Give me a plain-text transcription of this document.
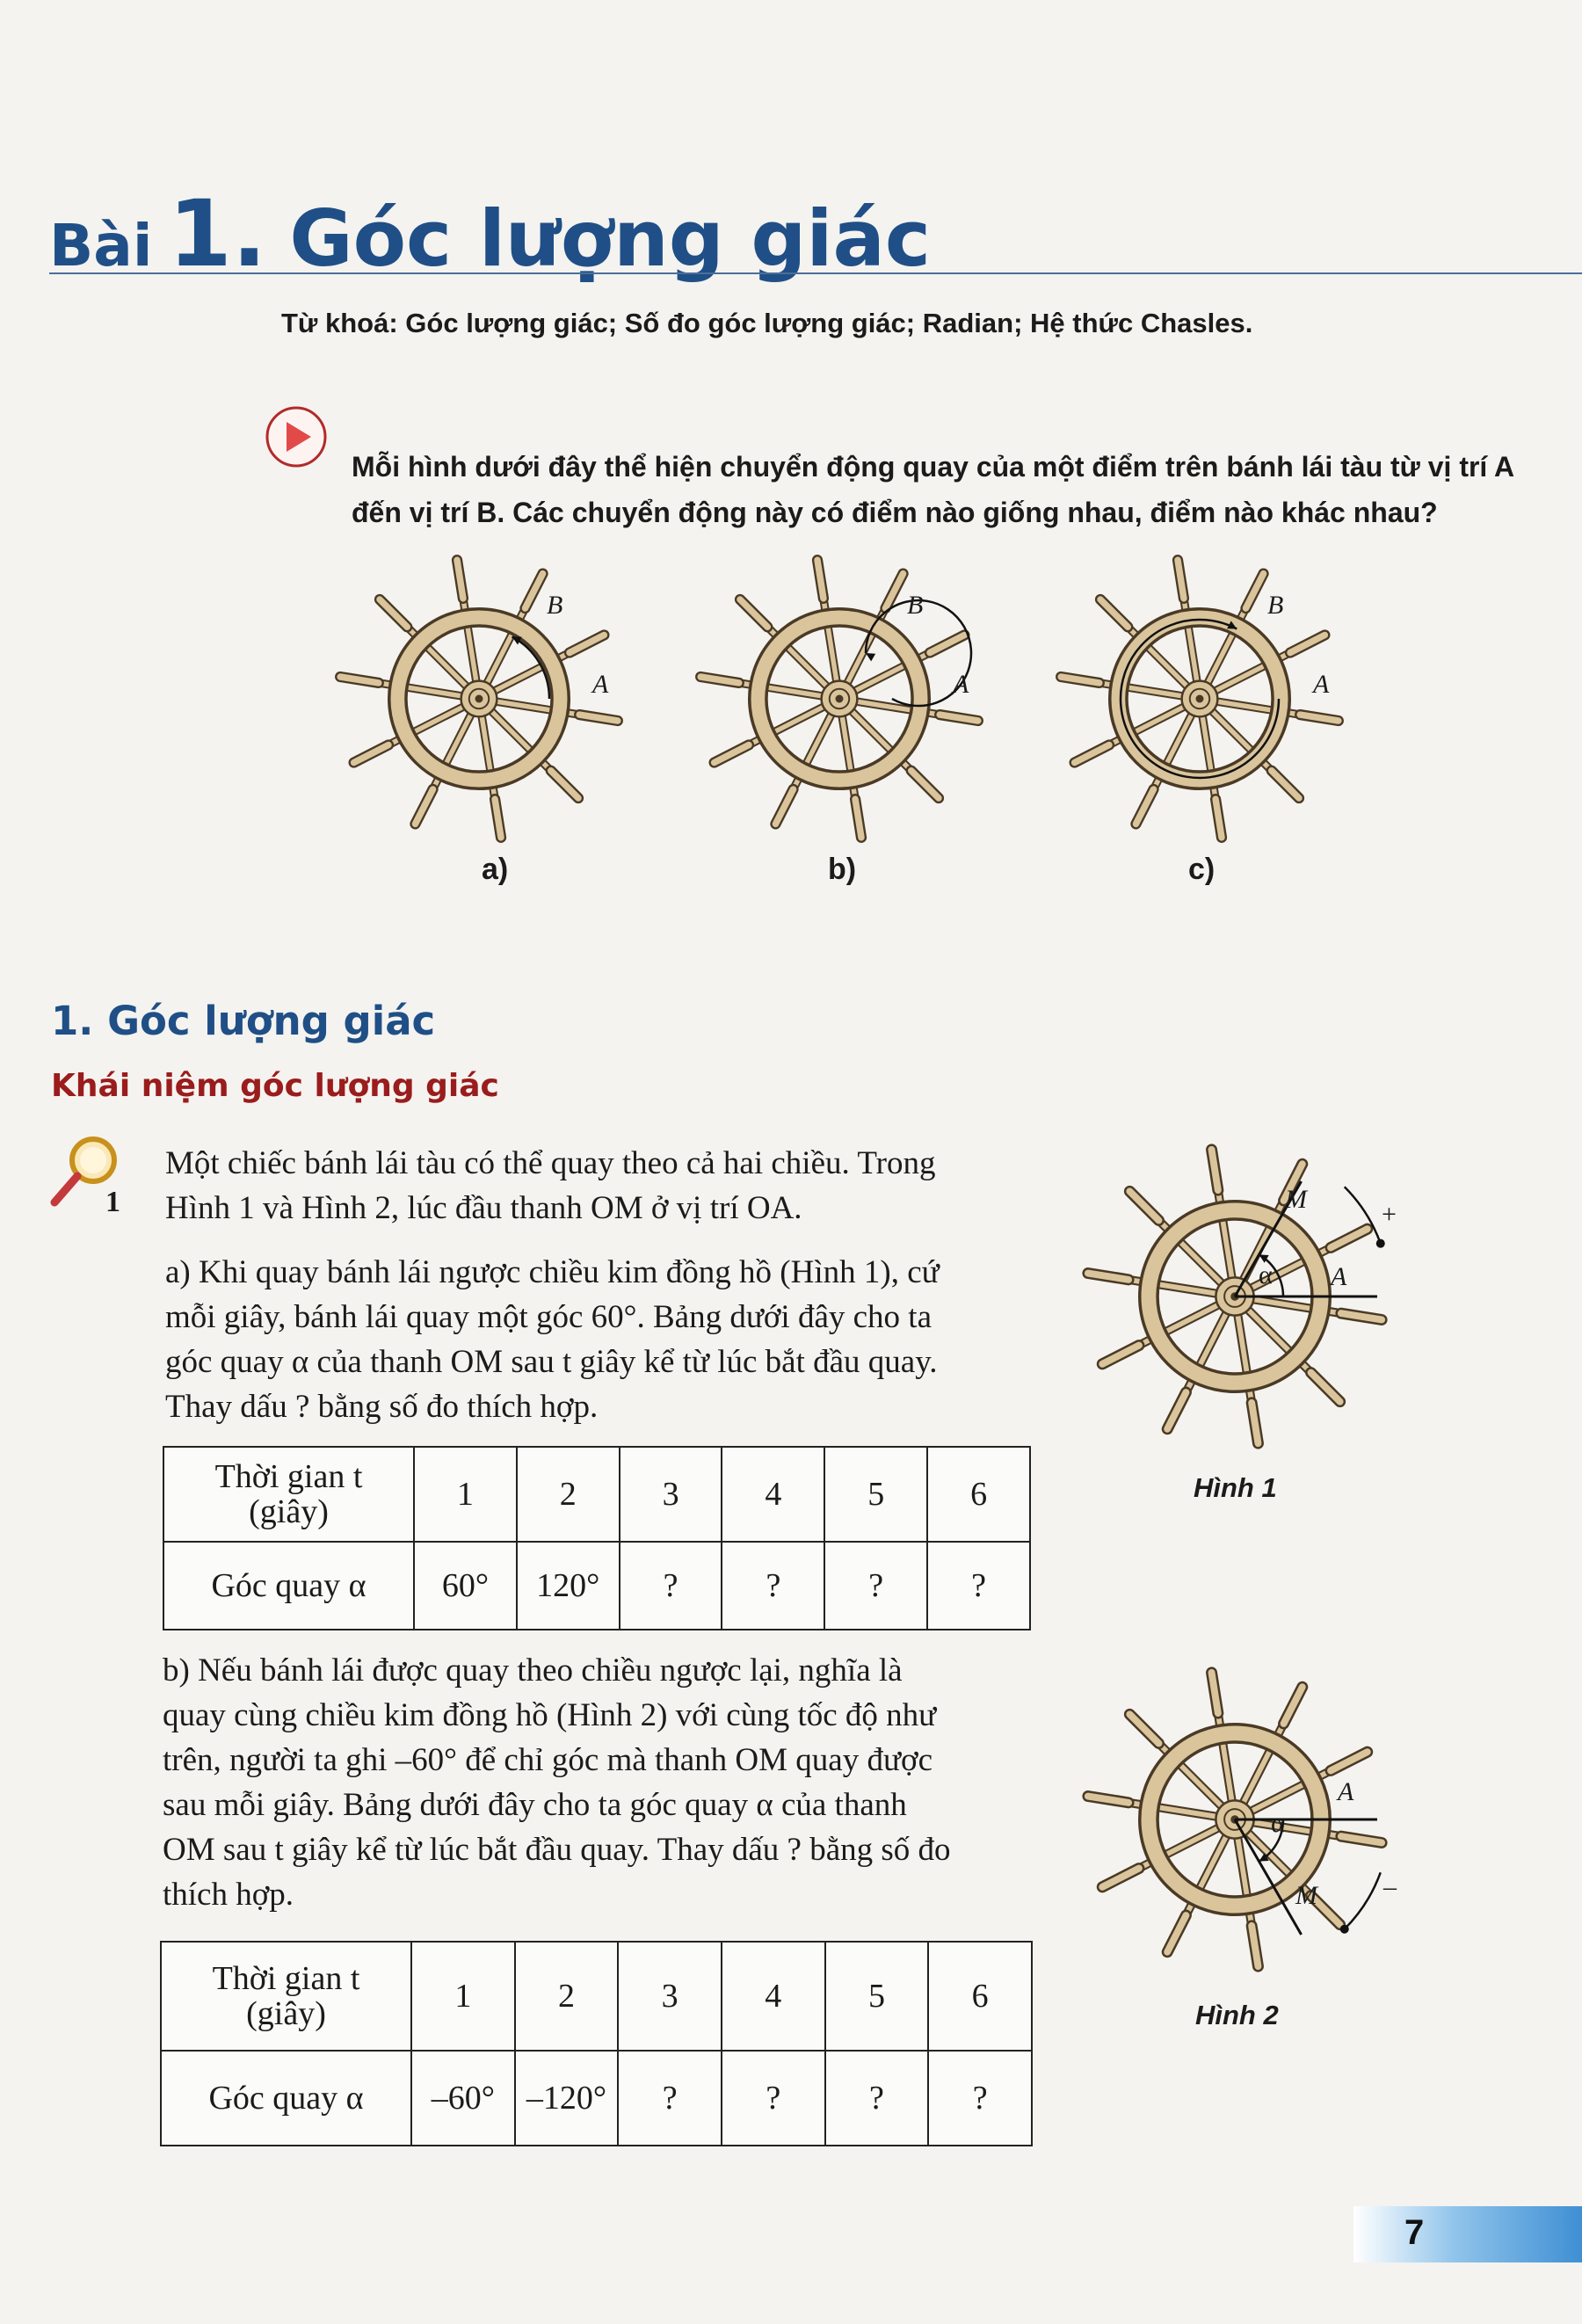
Bài 1. Góc lượng giác
Từ khoá: Góc lượng giác; Số đo góc lượng giác; Radian; Hệ thức Chasles.

Mỗi hình dưới đây thể hiện chuyển động quay của một điểm trên bánh lái tàu từ vị trí A

đến vị trí B. Các chuyển động này có điểm nào giống nhau, điểm nào khác nhau?

a)
B
A
b)
B
A
c)
B
A
1. Góc lượng giác
Khái niệm góc lượng giác
1

Một chiếc bánh lái tàu có thể quay theo cả hai chiều. Trong

Hình 1 và Hình 2, lúc đầu thanh OM ở vị trí OA.

a) Khi quay bánh lái ngược chiều kim đồng hồ (Hình 1), cứ

mỗi giây, bánh lái quay một góc 60°. Bảng dưới đây cho ta

góc quay α của thanh OM sau t giây kể từ lúc bắt đầu quay.

Thay dấu ? bằng số đo thích hợp.

Thời gian t
(giây)	1	2	3	4	5	6
Góc quay α	60°	120°	?	?	?	?

b) Nếu bánh lái được quay theo chiều ngược lại, nghĩa là

quay cùng chiều kim đồng hồ (Hình 2) với cùng tốc độ như

trên, người ta ghi –60° để chỉ góc mà thanh OM quay được

sau mỗi giây. Bảng dưới đây cho ta góc quay α của thanh

OM sau t giây kể từ lúc bắt đầu quay. Thay dấu ? bằng số đo

thích hợp.

Thời gian t
(giây)	1	2	3	4	5	6
Góc quay α	–60°	–120°	?	?	?	?
M
A
α
+
Hình 1
A
α
M	–
Hình 2
7
